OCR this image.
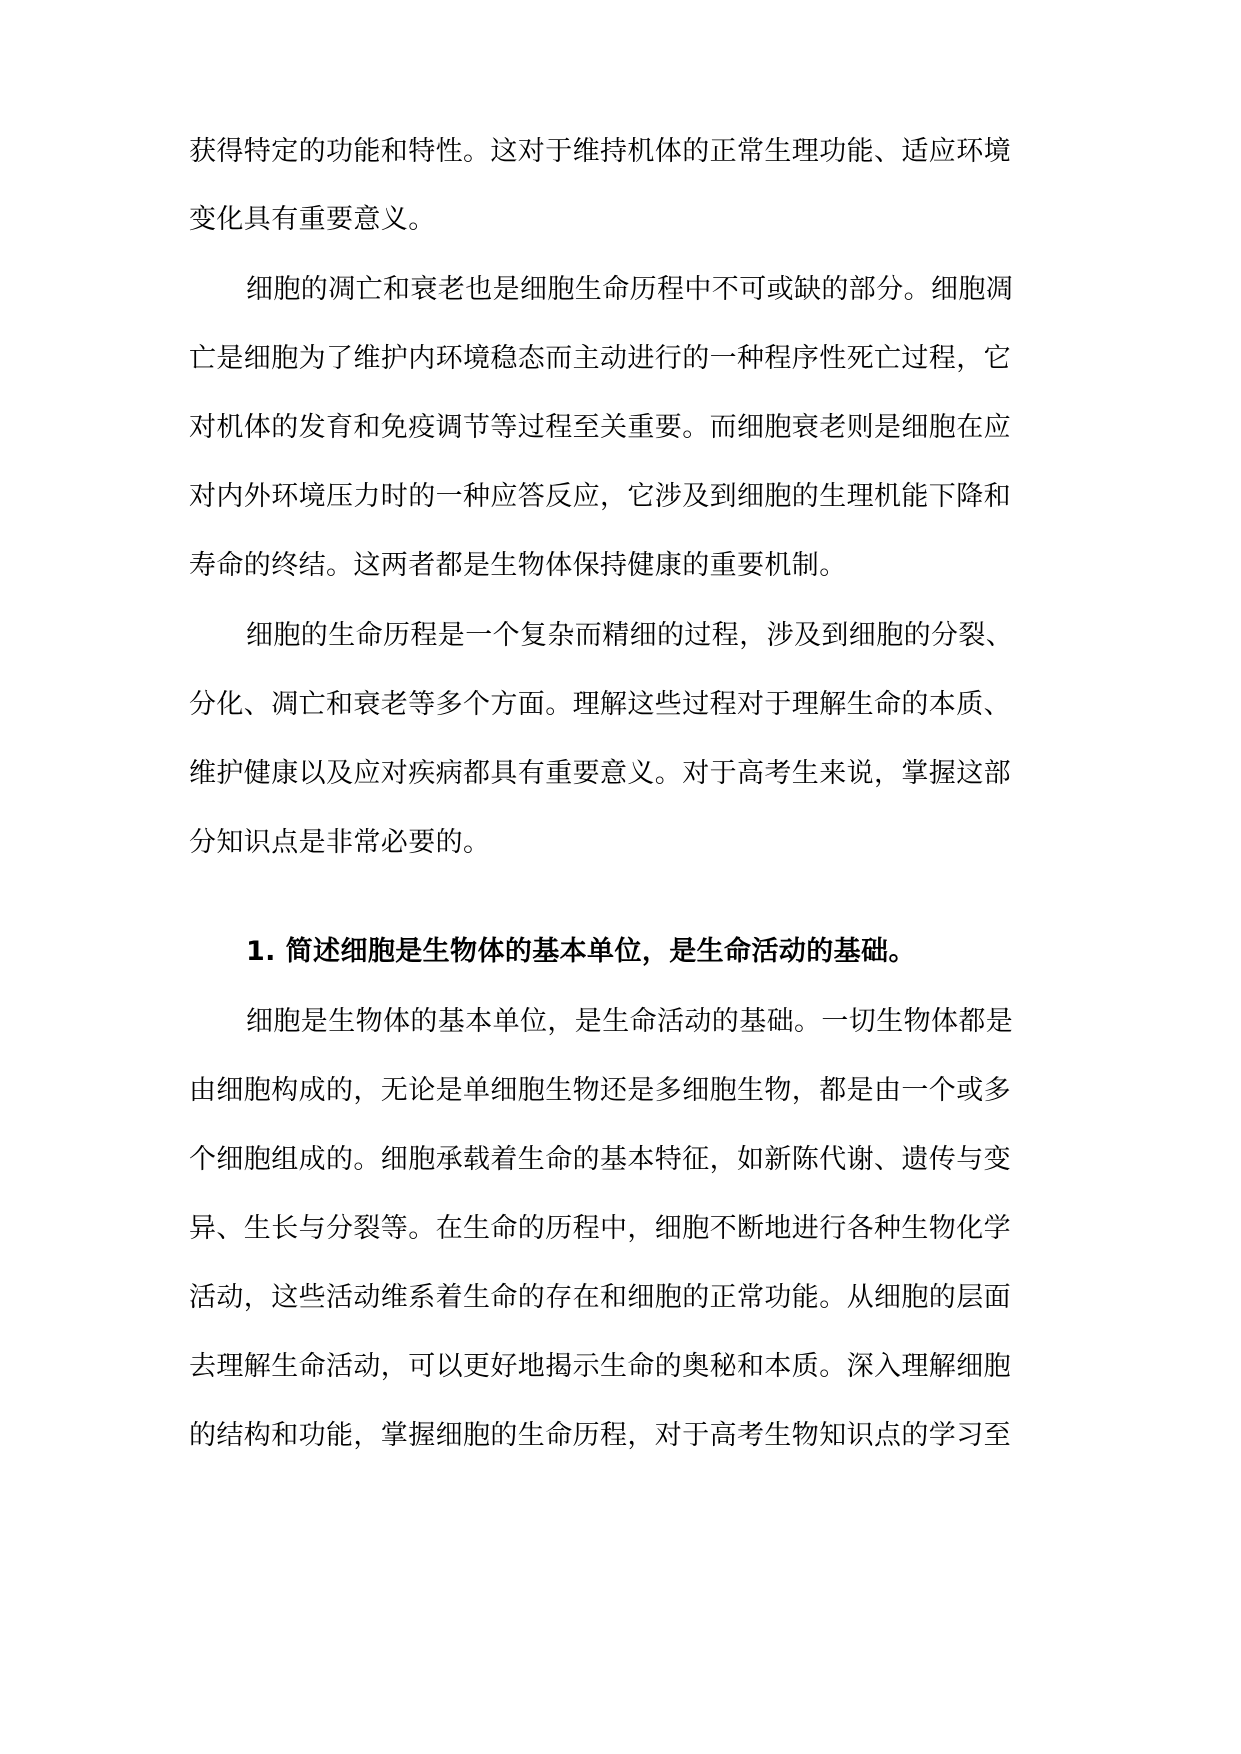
获得特定的功能和特性。这对于维持机体的正常生理功能、适应环境
变化具有重要意义。
细胞的凋亡和衰老也是细胞生命历程中不可或缺的部分。细胞凋
亡是细胞为了维护内环境稳态而主动进行的一种程序性死亡过程，它
对机体的发育和免疫调节等过程至关重要。而细胞衰老则是细胞在应
对内外环境压力时的一种应答反应，它涉及到细胞的生理机能下降和
寿命的终结。这两者都是生物体保持健康的重要机制。
细胞的生命历程是一个复杂而精细的过程，涉及到细胞的分裂、
分化、凋亡和衰老等多个方面。理解这些过程对于理解生命的本质、
维护健康以及应对疾病都具有重要意义。对于高考生来说，掌握这部
分知识点是非常必要的。
1. 简述细胞是生物体的基本单位，是生命活动的基础。
细胞是生物体的基本单位，是生命活动的基础。一切生物体都是
由细胞构成的，无论是单细胞生物还是多细胞生物，都是由一个或多
个细胞组成的。细胞承载着生命的基本特征，如新陈代谢、遗传与变
异、生长与分裂等。在生命的历程中，细胞不断地进行各种生物化学
活动，这些活动维系着生命的存在和细胞的正常功能。从细胞的层面
去理解生命活动，可以更好地揭示生命的奥秘和本质。深入理解细胞
的结构和功能，掌握细胞的生命历程，对于高考生物知识点的学习至
